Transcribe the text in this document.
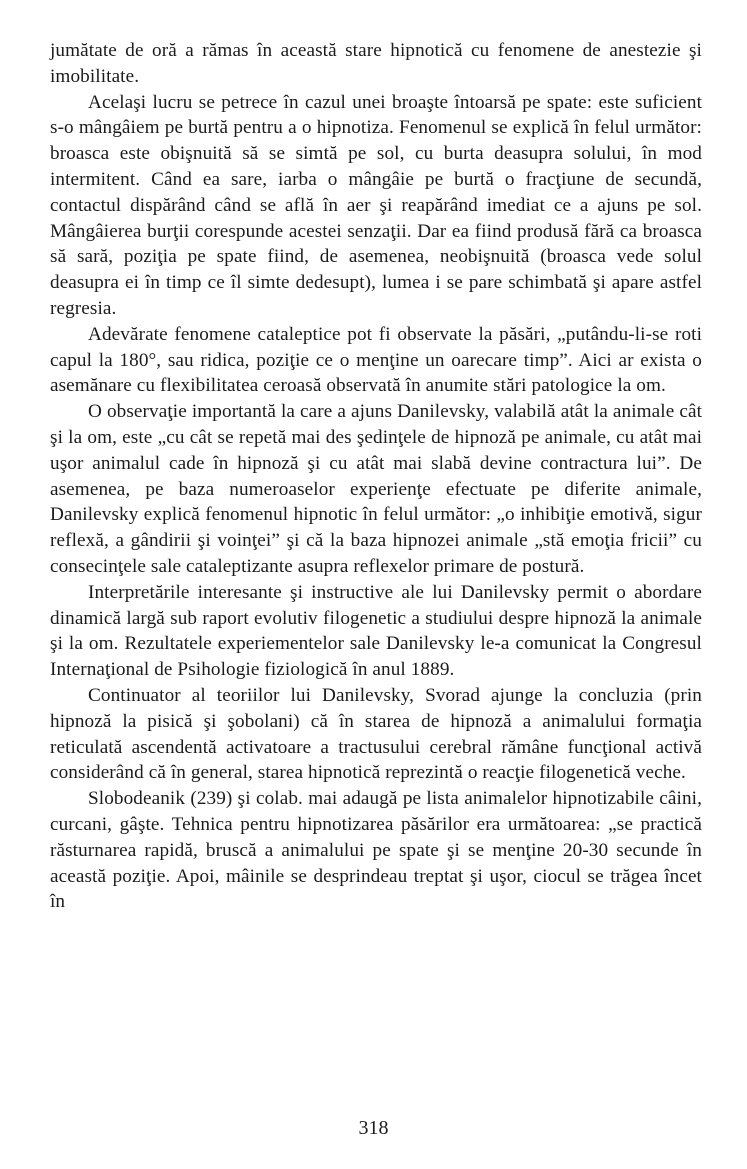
jumătate de oră a rămas în această stare hipnotică cu fenomene de anestezie şi imobilitate.

Acelaşi lucru se petrece în cazul unei broaşte întoarsă pe spate: este suficient s-o mângâiem pe burtă pentru a o hipnotiza. Fenomenul se explică în felul următor: broasca este obişnuită să se simtă pe sol, cu burta deasupra solului, în mod intermitent. Când ea sare, iarba o mângâie pe burtă o fracţiune de secundă, contactul dispărând când se află în aer şi reapărând imediat ce a ajuns pe sol. Mângâierea burţii corespunde acestei senzaţii. Dar ea fiind produsă fără ca broasca să sară, poziţia pe spate fiind, de asemenea, neobişnuită (broasca vede solul deasupra ei în timp ce îl simte dedesupt), lumea i se pare schimbată şi apare astfel regresia.

Adevărate fenomene cataleptice pot fi observate la păsări, „putându-li-se roti capul la 180°, sau ridica, poziţie ce o menţine un oarecare timp”. Aici ar exista o asemănare cu flexibilitatea ceroasă observată în anumite stări patologice la om.

O observaţie importantă la care a ajuns Danilevsky, valabilă atât la animale cât şi la om, este „cu cât se repetă mai des şedinţele de hipnoză pe animale, cu atât mai uşor animalul cade în hipnoză şi cu atât mai slabă devine contractura lui”. De asemenea, pe baza numeroaselor experienţe efectuate pe diferite animale, Danilevsky explică fenomenul hipnotic în felul următor: „o inhibiţie emotivă, sigur reflexă, a gândirii şi voinţei” şi că la baza hipnozei animale „stă emoţia fricii” cu consecinţele sale cataleptizante asupra reflexelor primare de postură.

Interpretările interesante şi instructive ale lui Danilevsky permit o abordare dinamică largă sub raport evolutiv filogenetic a studiului despre hipnoză la animale şi la om. Rezultatele experiementelor sale Danilevsky le-a comunicat la Congresul Internaţional de Psihologie fiziologică în anul 1889.

Continuator al teoriilor lui Danilevsky, Svorad ajunge la concluzia (prin hipnoză la pisică şi şobolani) că în starea de hipnoză a animalului formaţia reticulată ascendentă activatoare a tractusului cerebral rămâne funcţional activă considerând că în general, starea hipnotică reprezintă o reacţie filogenetică veche.

Slobodeanik (239) şi colab. mai adaugă pe lista animalelor hipnotizabile câini, curcani, gâşte. Tehnica pentru hipnotizarea păsărilor era următoarea: „se practică răsturnarea rapidă, bruscă a animalului pe spate şi se menţine 20-30 secunde în această poziţie. Apoi, mâinile se desprindeau treptat şi uşor, ciocul se trăgea încet în

318
